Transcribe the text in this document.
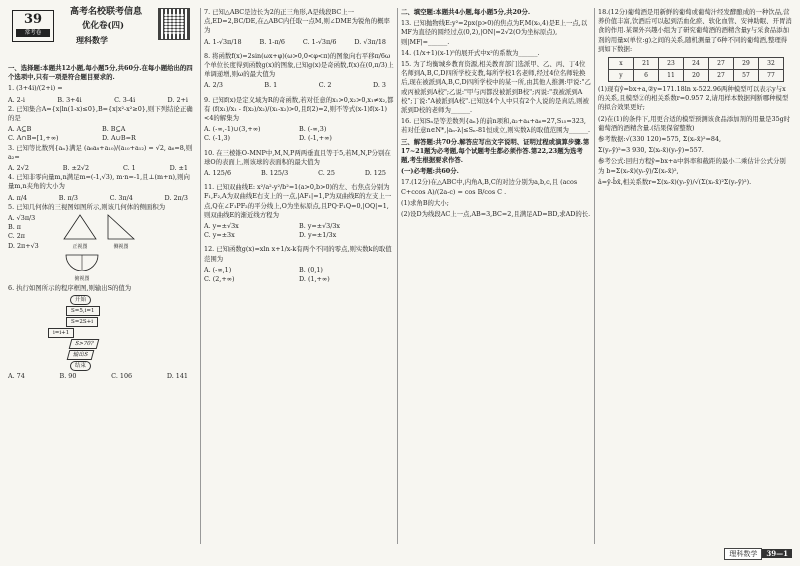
39
常考卷
高考名校联考信息
优化卷(四)
理科数学

一、选择题:本题共12小题,每小题5分,共60分.在每小题给出的四个选项中,只有一项是符合题目要求的.

1. (3+4i)/(2+i) =

A. 2-i	B. 3+4i	C. 3-4i	D. 2+i

2. 已知集合A={x|ln(1-x)≤0},B={x|x²-x²≥0},则下列结论正确的是

A. A⊆B	B. B⊆A
C. A∩B=[1,+∞)	D. A∪B=R

3. 已知等比数列{aₙ}满足 (a₆a₈+a₁₀)/(a₁₀+a₁₂) = √2, a₆=8,则a₂=

A. 2√2	B. ±2√2	C. 1	D. ±1

4. 已知非零向量m,n满足m=(-1,√3), m·n=-1,且⊥(m+n),则向量m,n夹角的大小为

A. π/4	B. π/3	C. 3π/4	D. 2π/3

5. 已知几何体的三视图如图所示,则该几何体的侧面积为

A. √3π/3
B. π
C. 2π
D. 2π+√3	正视图	侧视图
俯视图

6. 执行如图所示的程序框图,则输出S的值为

开始
S=5,i=1
S=2S+i
i=i+1
S>70?
输出S
结束
A. 74	B. 90	C. 106	D. 141

7. 已知△ABC是边长为2的正三角形,A是线段BC上一点,ED=2,BC/DE,在△ABC内任取一点M,则∠DME为锐角的概率为

A. 1-√3π/18	B. 1-π/6	C. 1-√3π/6	D. √3π/18

8. 将函数f(x)=2sin(ωx+φ)(ω>0,0<φ<π)的图象向右平移π/6ω个单位长度得到函数g(x)的图象,已知g(x)是奇函数,f(x)在(0,π/3)上单调递增,则ω的最大值为

A. 2/3	B. 1	C. 2	D. 3

9. 已知f(x)是定义域为R的奇函数,若对任意的x₁>0,x₂>0,x₁≠x₂,都有 (f(x₁)/x₁ - f(x₂)/x₂)/(x₁-x₂)>0,且f(2)=2,则不等式(x-1)f(x-1)<4的解集为

A. (-∞,-1)∪(3,+∞)	B. (-∞,3)
C. (-1,3)	D. (-1,+∞)

10. 在三棱锥O-MNP中,M,N,P两两垂直且等于5,若M,N,P分别在球O的表面上,则该球的表面积的最大值为

A. 125/6	B. 125/3	C. 25	D. 125

11. 已知双曲线E: x²/a²-y²/b²=1(a>0,b>0)的左、右焦点分别为F₁,F₂,A为双曲线E右支上的一点,|AF₁|=1,P为双曲线E的左支上一点,Q在∠F₁PF₂的平分线上,O为坐标原点,且PQ·F₁Q=0,|OQ|=1,则双曲线E的渐近线方程为

A. y=±√3x	B. y=±√3/3x
C. y=±3x	D. y=±1/3x

12. 已知函数g(x)=xln x+1/x-k有两个不同的零点,则实数k的取值范围为

A. (-∞,1)	B. (0,1)
C. (2,+∞)	D. (1,+∞)

二、填空题:本题共4小题,每小题5分,共20分.

13. 已知抛物线E:y²=2px(p>0)的焦点为F,M(x₀,4)是E上一点,以MF为直径的圆经过点(0,2),|ON|=2√2(O为坐标原点),则|MF|=______.

14. (1/x+1)(x-1)⁵的展开式中x²的系数为______.

15. 为了均衡城乡教育资源,相关教育部门选派甲、乙、丙、丁4位名师到A,B,C,D四所学校支教,每所学校1名老师,经过4位名师轮换后,现在被派到A,B,C,D四所学校中的某一所,由其他人推测:甲说:"乙或丙被派到A校";乙说:"甲与丙都没被派到B校";丙说:"我被派到A校";丁说:"A被派到A校".已知这4个人中只有2个人说的是真话,则被派到D校的老师为______.

16. 已知Sₙ是等差数列{aₙ}的前n项和,a₂+a₄+a₆=27,S₁₅=323,若对任意n∈N*,|aₙ-λ|≤Sₙ-81恒成立,则实数λ的取值范围为______.

三、解答题:共70分.解答应写出文字说明、证明过程或演算步骤.第17~21题为必考题,每个试题考生都必须作答.第22,23题为选考题,考生根据要求作答.

(一)必考题:共60分.

17.(12分)在△ABC中,内角A,B,C的对边分别为a,b,c,且 (acos C+ccos A)/(2a-c) = cos B/cos C .

(1)求角B的大小;

(2)设D为线段AC上一点,AB=3,BC=2,且满足AD=BD,求AD的长.

18.(12分)葡萄酒是用新鲜的葡萄或葡萄汁经发酵酿成的一种饮品,营养价值丰富,饮酒后可以起到活血化瘀、软化血管、安神助眠、开胃消食的作用.某课外兴趣小组为了研究葡萄酒的酒精含量y与采食品添加剂的用量x(单位:g)之间的关系,随机测量了6种不同的葡萄酒,整理得到如下数据:

x	21	23	24	27	29	32
y	6	11	20	27	57	77

(1)现有ŷ=bx+a,②y=171.18ln x-522.96两种模型可以表示y与x的关系,且模型②的相关系数r=0.957 2,请用样本数据判断哪种模型的拟合效果更好;

(2)在(1)的条件下,用更合适的模型预测该食品添加剂的用量是35g时葡萄酒的酒精含量.(结果保留整数)

参考数据:√(330 120)≈575, Σ(xᵢ-x̄)²=84,

Σ(yᵢ-ȳ)²=3 930, Σ(xᵢ-x̄)(yᵢ-ȳ)=557.

参考公式:回归方程ŷ=bx+a中斜率和截距的最小二乘估计公式分别为 b=Σ(xᵢ-x̄)(yᵢ-ȳ)/Σ(xᵢ-x̄)²,

â=ȳ-b̂x̄,相关系数r=Σ(xᵢ-x̄)(yᵢ-ȳ)/√(Σ(xᵢ-x̄)²Σ(yᵢ-ȳ)²).

理科数学 39—1
